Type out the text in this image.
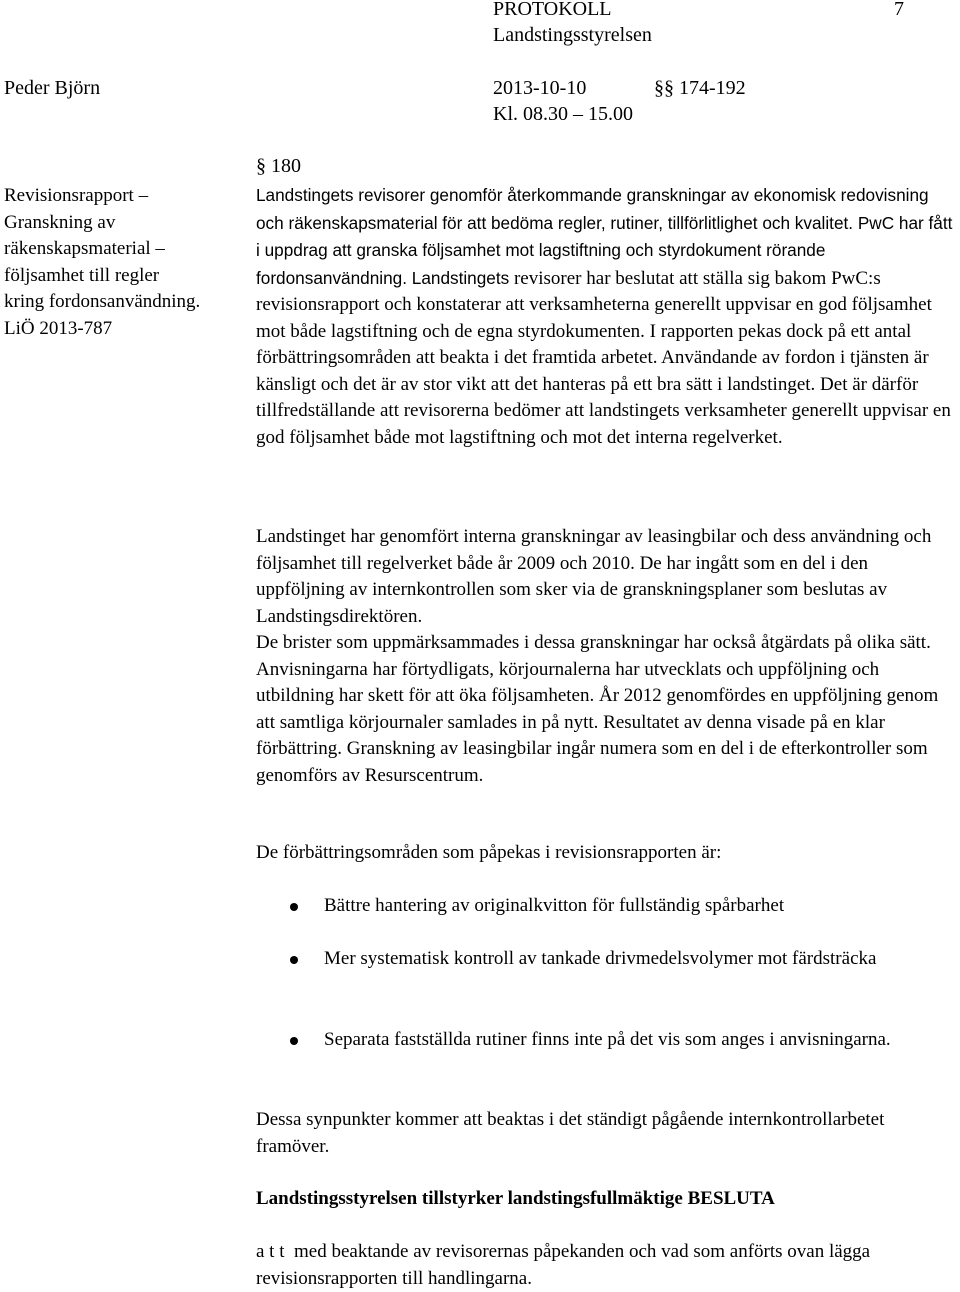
PROTOKOLL	7
Landstingsstyrelsen
Peder Björn	2013-10-10	§§ 174-192
Kl. 08.30 – 15.00
§ 180
Revisionsrapport –
Granskning av
räkenskapsmaterial –
följsamhet till regler
kring fordonsanvändning.
LiÖ 2013-787

Landstingets revisorer genomför återkommande granskningar av ekonomisk redovisning och räkenskapsmaterial för att bedöma regler, rutiner, tillförlitlighet och kvalitet. PwC har fått i uppdrag att granska följsamhet mot lagstiftning och styrdokument rörande fordonsanvändning. Landstingets revisorer har beslutat att ställa sig bakom PwC:s revisionsrapport och konstaterar att verksamheterna generellt uppvisar en god följsamhet mot både lagstiftning och de egna styrdokumenten. I rapporten pekas dock på ett antal förbättringsområden att beakta i det framtida arbetet. Användande av fordon i tjänsten är känsligt och det är av stor vikt att det hanteras på ett bra sätt i landstinget. Det är därför tillfredställande att revisorerna bedömer att landstingets verksamheter generellt uppvisar en god följsamhet både mot lagstiftning och mot det interna regelverket.

Landstinget har genomfört interna granskningar av leasingbilar och dess användning och följsamhet till regelverket både år 2009 och 2010. De har ingått som en del i den uppföljning av internkontrollen som sker via de granskningsplaner som beslutas av Landstingsdirektören.

De brister som uppmärksammades i dessa granskningar har också åtgärdats på olika sätt. Anvisningarna har förtydligats, körjournalerna har utvecklats och uppföljning och utbildning har skett för att öka följsamheten. År 2012 genomfördes en uppföljning genom att samtliga körjournaler samlades in på nytt. Resultatet av denna visade på en klar förbättring. Granskning av leasingbilar ingår numera som en del i de efterkontroller som genomförs av Resurscentrum.

De förbättringsområden som påpekas i revisionsrapporten är:

Bättre hantering av originalkvitton för fullständig spårbarhet
Mer systematisk kontroll av tankade drivmedelsvolymer mot färdsträcka
Separata fastställda rutiner finns inte på det vis som anges i anvisningarna.

Dessa synpunkter kommer att beaktas i det ständigt pågående internkontrollarbetet framöver.

Landstingsstyrelsen tillstyrker landstingsfullmäktige BESLUTA

a t t  med beaktande av revisorernas påpekanden och vad som anförts ovan lägga revisionsrapporten till handlingarna.
